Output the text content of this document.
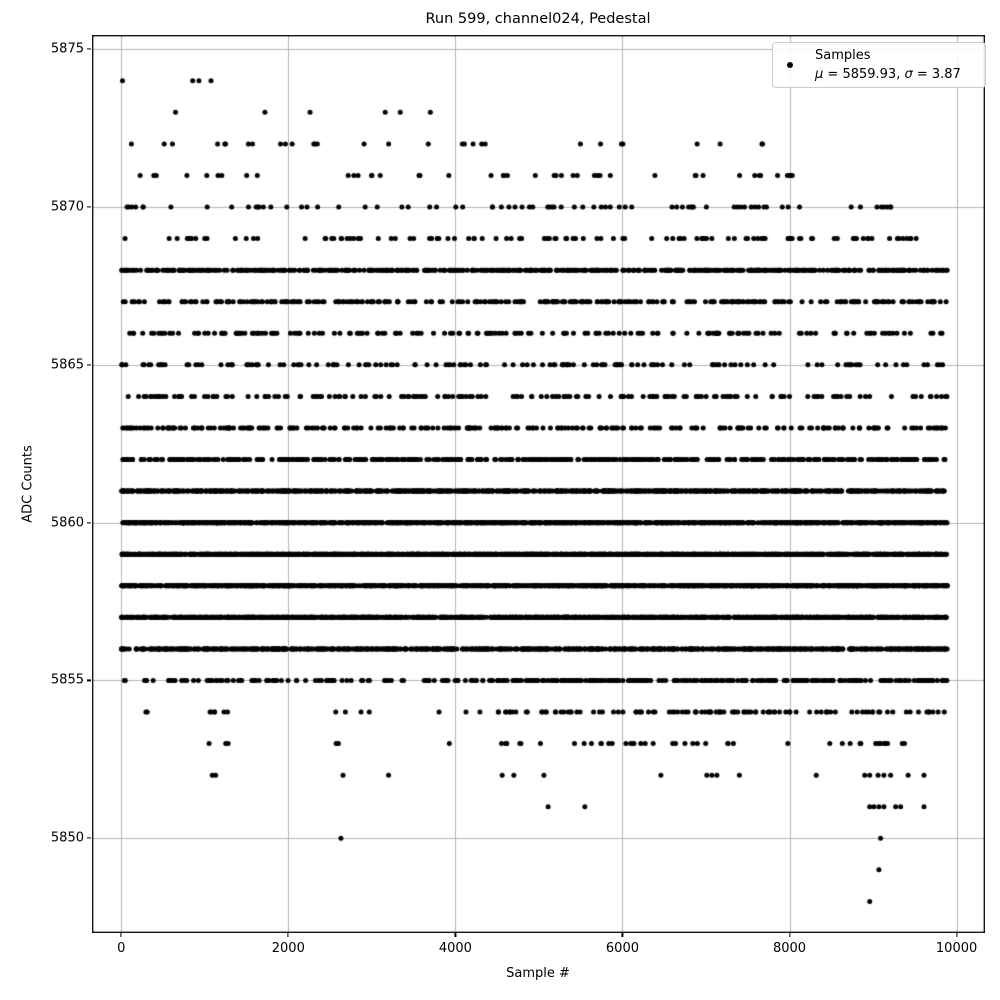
Run 599, channel024, Pedestal
ADC Counts
Sample #
Samples
μ = 5859.93, σ = 3.87
0	2000	4000	6000	8000	10000
5850
5855
5860
5865
5870
5875
